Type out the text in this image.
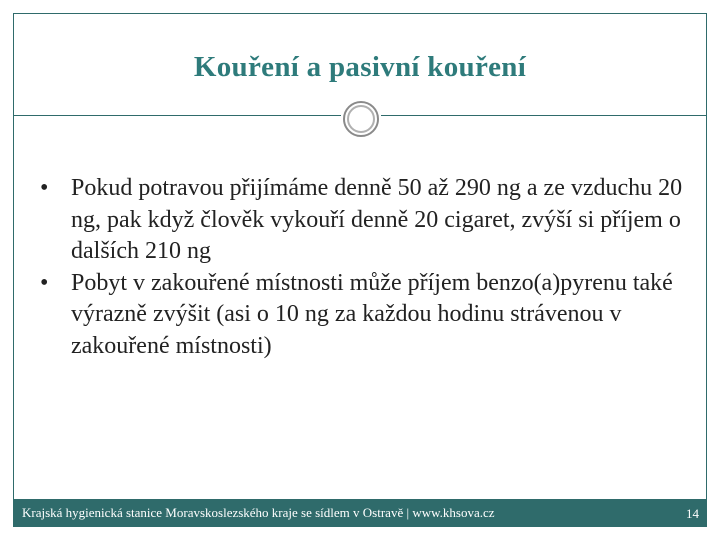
Kouření a pasivní kouření

• Pokud potravou přijímáme denně 50 až 290 ng a ze vzduchu 20 ng, pak když člověk vykouří denně 20 cigaret, zvýší si příjem o dalších 210 ng

• Pobyt v zakouřené místnosti může příjem benzo(a)pyrenu také výrazně zvýšit (asi o 10 ng za každou hodinu strávenou v zakouřené místnosti)

Krajská hygienická stanice Moravskoslezského kraje se sídlem v Ostravě | www.khsova.cz	14
